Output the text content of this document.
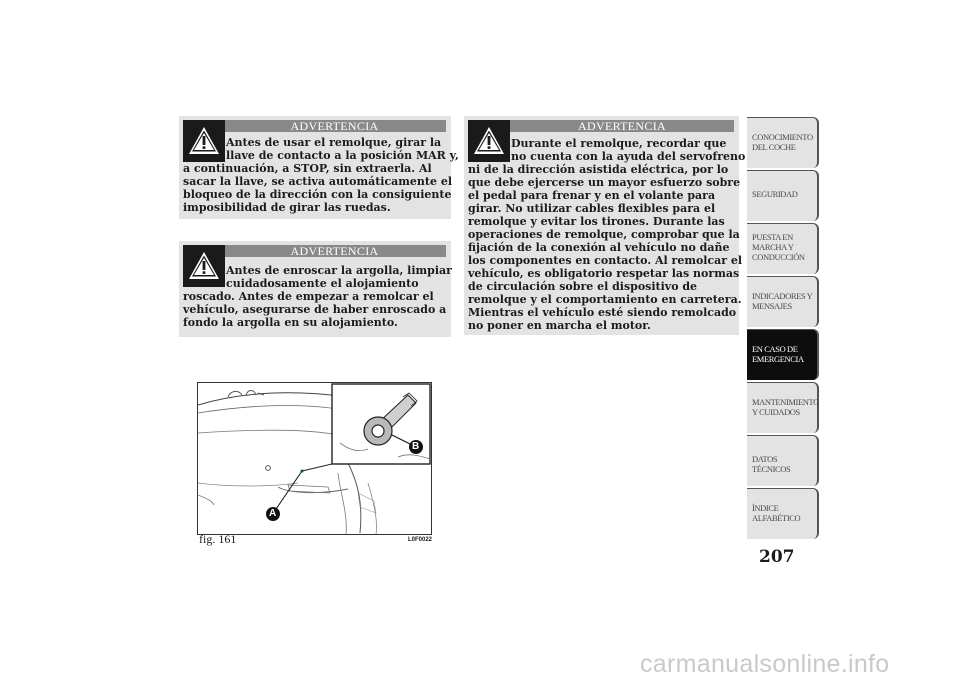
ADVERTENCIA
Antes de usar el remolque, girar la
llave de contacto a la posición MAR y,
a continuación, a STOP, sin extraerla. Al
sacar la llave, se activa automáticamente el
bloqueo de la dirección con la consiguiente
imposibilidad de girar las ruedas.
ADVERTENCIA
Antes de enroscar la argolla, limpiar
cuidadosamente el alojamiento
roscado. Antes de empezar a remolcar el
vehículo, asegurarse de haber enroscado a
fondo la argolla en su alojamiento.
ADVERTENCIA
Durante el remolque, recordar que
no cuenta con la ayuda del servofreno
ni de la dirección asistida eléctrica, por lo
que debe ejercerse un mayor esfuerzo sobre
el pedal para frenar y en el volante para
girar. No utilizar cables flexibles para el
remolque y evitar los tirones. Durante las
operaciones de remolque, comprobar que la
fijación de la conexión al vehículo no dañe
los componentes en contacto. Al remolcar el
vehículo, es obligatorio respetar las normas
de circulación sobre el dispositivo de
remolque y el comportamiento en carretera.
Mientras el vehículo esté siendo remolcado
no poner en marcha el motor.
A
B
fig. 161	L0F0022
CONOCIMIENTO DEL COCHE
SEGURIDAD
PUESTA EN MARCHA Y CONDUCCIÓN
INDICADORES Y MENSAJES
EN CASO DE EMERGENCIA
MANTENIMIENTO Y CUIDADOS
DATOS TÉCNICOS
ÍNDICE ALFABÉTICO
207
carmanualsonline.info
